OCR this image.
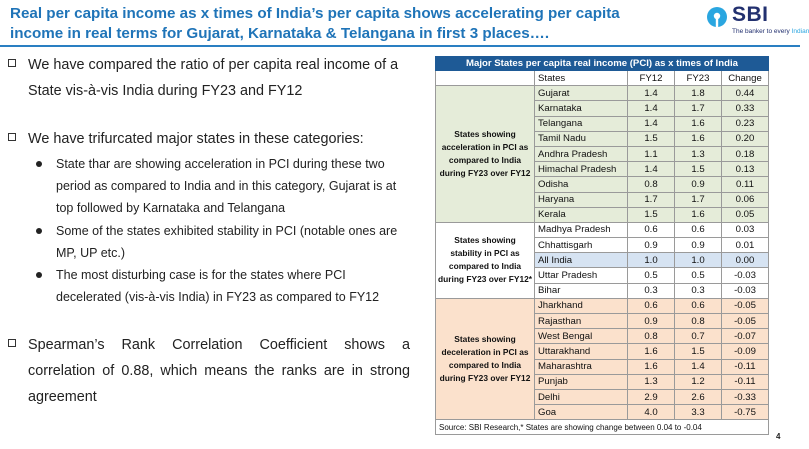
Real per capita income as x times of India’s per capita shows accelerating per capita income in real terms for Gujarat, Karnataka & Telangana in first 3 places….
SBI
The banker to every Indian
We have compared the ratio of per capita real income of a State vis-à-vis India during FY23 and FY12
We have trifurcated major states in these categories:
State thar are showing acceleration in PCI during these two period as compared to India and in this category, Gujarat is at top followed by Karnataka and Telangana
Some of the states exhibited stability in PCI (notable ones are MP, UP etc.)
The most disturbing case is for the states where PCI decelerated (vis-à-vis India) in FY23 as compared to FY12
Spearman’s Rank Correlation Coefficient shows a correlation of 0.88, which means the ranks are in strong agreement
Major States per capita real income (PCI) as x times of India				
	States	FY12	FY23	Change
States showing acceleration in PCI as compared to India during FY23 over FY12	Gujarat	1.4	1.8	0.44
	Karnataka	1.4	1.7	0.33
	Telangana	1.4	1.6	0.23
	Tamil Nadu	1.5	1.6	0.20
	Andhra Pradesh	1.1	1.3	0.18
	Himachal Pradesh	1.4	1.5	0.13
	Odisha	0.8	0.9	0.11
	Haryana	1.7	1.7	0.06
	Kerala	1.5	1.6	0.05
States showing stability in PCI as compared to India during FY23 over FY12*	Madhya Pradesh	0.6	0.6	0.03
	Chhattisgarh	0.9	0.9	0.01
	All India	1.0	1.0	0.00
	Uttar Pradesh	0.5	0.5	-0.03
	Bihar	0.3	0.3	-0.03
States showing deceleration in PCI as compared to India during FY23 over FY12	Jharkhand	0.6	0.6	-0.05
	Rajasthan	0.9	0.8	-0.05
	West Bengal	0.8	0.7	-0.07
	Uttarakhand	1.6	1.5	-0.09
	Maharashtra	1.6	1.4	-0.11
	Punjab	1.3	1.2	-0.11
	Delhi	2.9	2.6	-0.33
	Goa	4.0	3.3	-0.75
Source: SBI Research,* States are showing change between 0.04 to -0.04				
4
